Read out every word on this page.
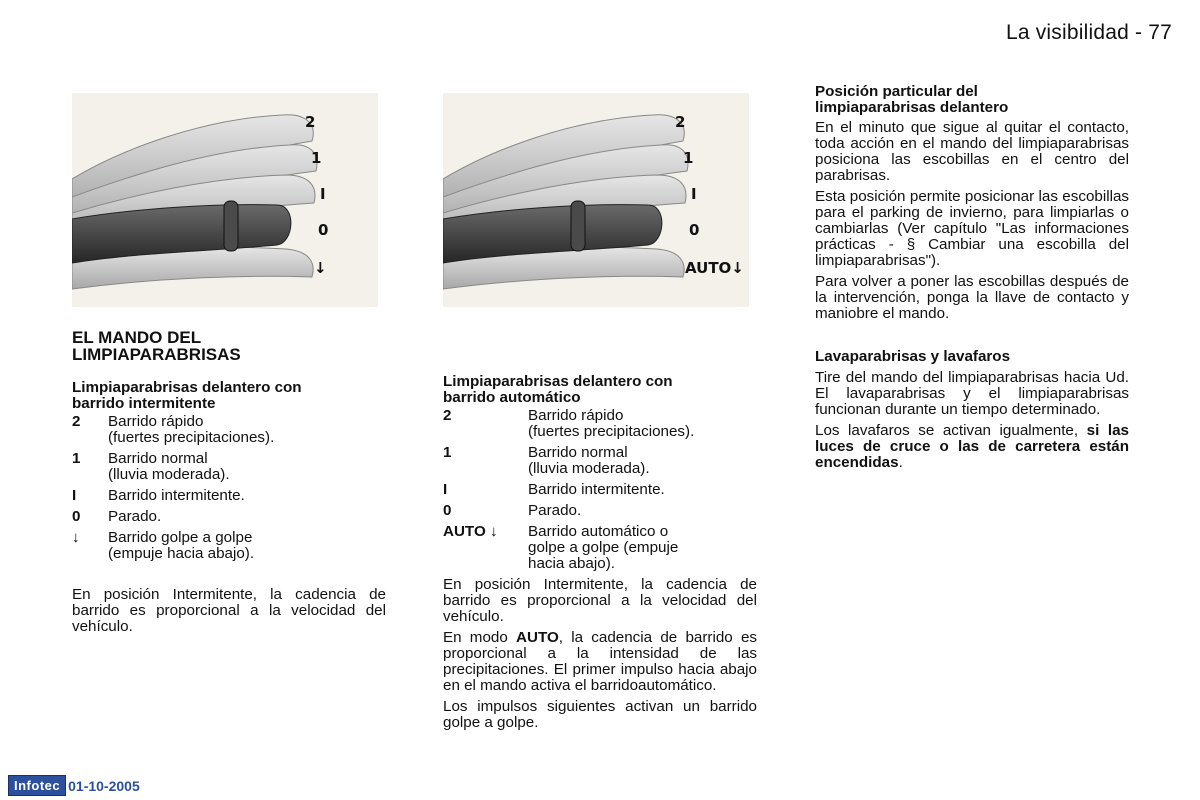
La visibilidad - 77
2
1
I
0
↓
2
1
I
0
AUTO↓
EL MANDO DEL
LIMPIAPARABRISAS
Limpiaparabrisas delantero con
barrido intermitente
2	Barrido rápido
(fuertes precipitaciones).
1	Barrido normal
(lluvia moderada).
I	Barrido intermitente.
0	Parado.
↓	Barrido golpe a golpe
(empuje hacia abajo).
En posición Intermitente, la cadencia de barrido es proporcional a la velocidad del vehículo.
Limpiaparabrisas delantero con
barrido automático
2	Barrido rápido
(fuertes precipitaciones).
1	Barrido normal
(lluvia moderada).
I	Barrido intermitente.
0	Parado.
AUTO ↓	Barrido automático o
golpe a golpe (empuje
hacia abajo).
En posición Intermitente, la cadencia de barrido es proporcional a la velocidad del vehículo.
En modo AUTO, la cadencia de barrido es proporcional a la intensidad de las precipitaciones. El primer impulso hacia abajo en el mando activa el barridoautomático.
Los impulsos siguientes activan un barrido golpe a golpe.
Posición particular del
limpiaparabrisas delantero
En el minuto que sigue al quitar el contacto, toda acción en el mando del limpiaparabrisas posiciona las escobillas en el centro del parabrisas.
Esta posición permite posicionar las escobillas para el parking de invierno, para limpiarlas o cambiarlas (Ver capítulo "Las informaciones prácticas - § Cambiar una escobilla del limpiaparabrisas").
Para volver a poner las escobillas después de la intervención, ponga la llave de contacto y maniobre el mando.
Lavaparabrisas y lavafaros
Tire del mando del limpiaparabrisas hacia Ud. El lavaparabrisas y el limpiaparabrisas funcionan durante un tiempo determinado.
Los lavafaros se activan igualmente, si las luces de cruce o las de carretera están encendidas.
Infotec 01-10-2005
